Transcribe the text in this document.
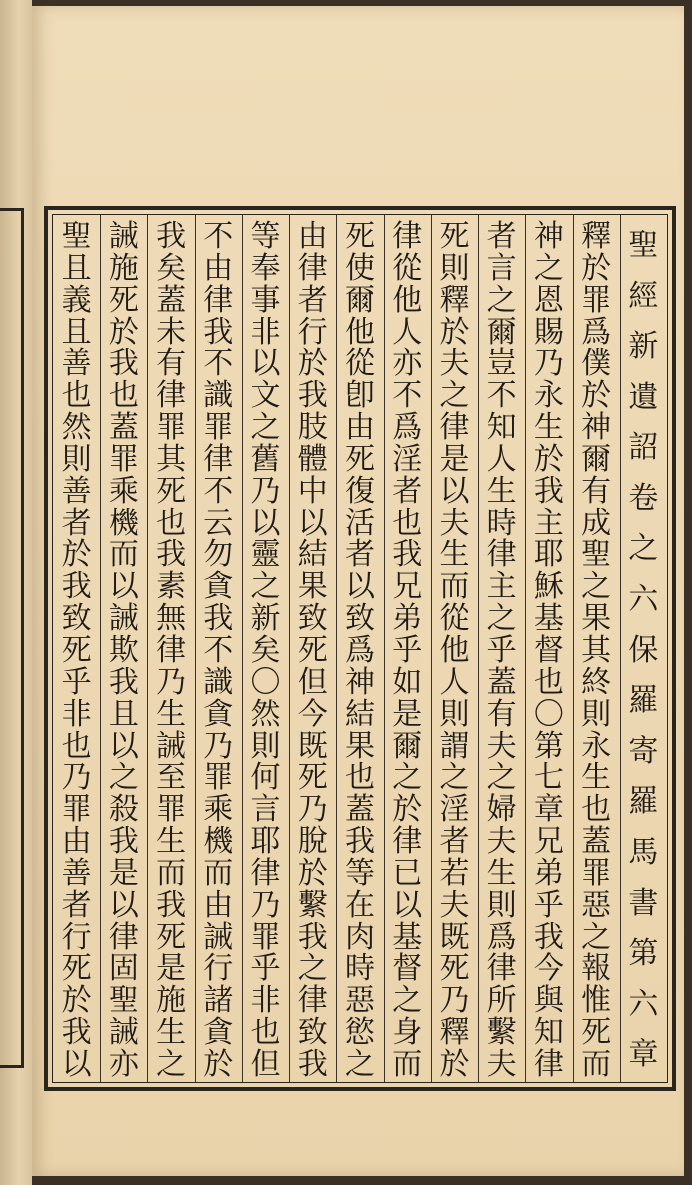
聖
經
新
遺
詔
卷
之
六
保
羅
寄
羅
馬
書
第
六
章
釋
於
罪
爲
僕
於
神
爾
有
成
聖
之
果
其
終
則
永
生
也
蓋
罪
惡
之
報
惟
死
而
神
之
恩
賜
乃
永
生
於
我
主
耶
穌
基
督
也
〇
第
七
章
兄
弟
乎
我
今
與
知
律
者
言
之
爾
豈
不
知
人
生
時
律
主
之
乎
蓋
有
夫
之
婦
夫
生
則
爲
律
所
繫
夫
死
則
釋
於
夫
之
律
是
以
夫
生
而
從
他
人
則
謂
之
淫
者
若
夫
既
死
乃
釋
於
律
從
他
人
亦
不
爲
淫
者
也
我
兄
弟
乎
如
是
爾
之
於
律
已
以
基
督
之
身
而
死
使
爾
他
從
卽
由
死
復
活
者
以
致
爲
神
結
果
也
蓋
我
等
在
肉
時
惡
慾
之
由
律
者
行
於
我
肢
體
中
以
結
果
致
死
但
今
既
死
乃
脫
於
繫
我
之
律
致
我
等
奉
事
非
以
文
之
舊
乃
以
靈
之
新
矣
〇
然
則
何
言
耶
律
乃
罪
乎
非
也
但
不
由
律
我
不
識
罪
律
不
云
勿
貪
我
不
識
貪
乃
罪
乘
機
而
由
誡
行
諸
貪
於
我
矣
蓋
未
有
律
罪
其
死
也
我
素
無
律
乃
生
誡
至
罪
生
而
我
死
是
施
生
之
誡
施
死
於
我
也
蓋
罪
乘
機
而
以
誡
欺
我
且
以
之
殺
我
是
以
律
固
聖
誡
亦
聖
且
義
且
善
也
然
則
善
者
於
我
致
死
乎
非
也
乃
罪
由
善
者
行
死
於
我
以
